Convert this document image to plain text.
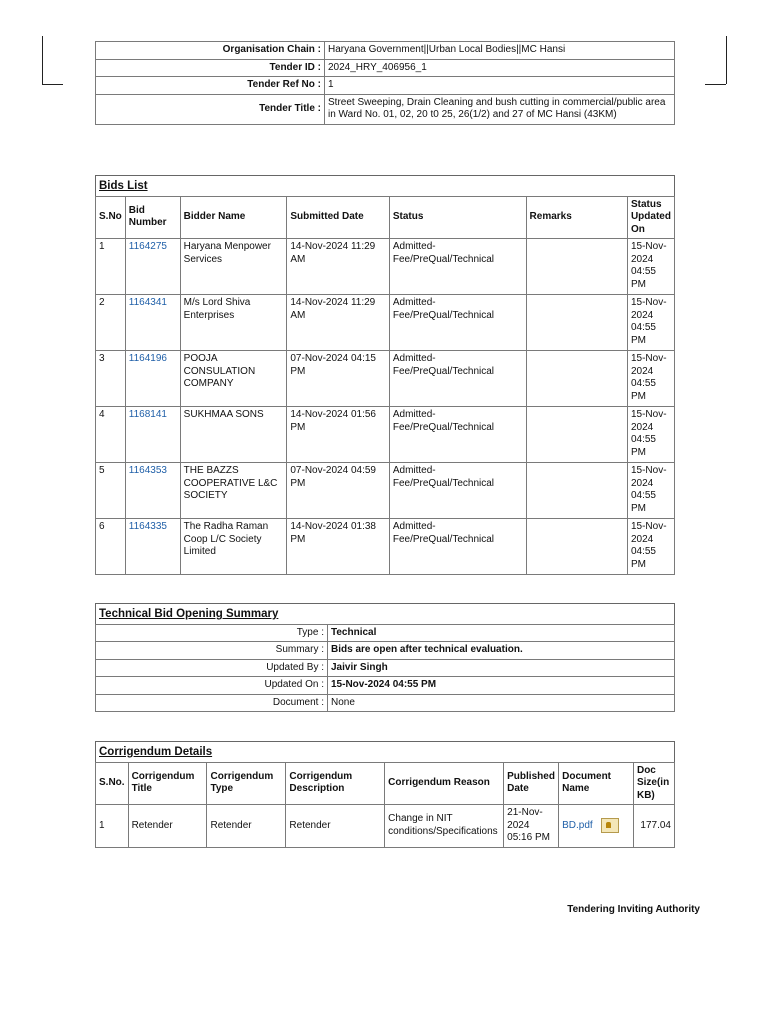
Organisation Chain :	Haryana Government||Urban Local Bodies||MC Hansi
Tender ID :	2024_HRY_406956_1
Tender Ref No :	1
Tender Title :	Street Sweeping, Drain Cleaning and bush cutting in commercial/public area in Ward No. 01, 02, 20 t0 25, 26(1/2) and 27 of MC Hansi (43KM)
Bids List						
S.No	Bid Number	Bidder Name	Submitted Date	Status	Remarks	Status Updated On
1	1164275	Haryana Menpower Services	14-Nov-2024 11:29 AM	Admitted-Fee/PreQual/Technical		15-Nov-2024 04:55 PM
2	1164341	M/s Lord Shiva Enterprises	14-Nov-2024 11:29 AM	Admitted-Fee/PreQual/Technical		15-Nov-2024 04:55 PM
3	1164196	POOJA CONSULATION COMPANY	07-Nov-2024 04:15 PM	Admitted-Fee/PreQual/Technical		15-Nov-2024 04:55 PM
4	1168141	SUKHMAA SONS	14-Nov-2024 01:56 PM	Admitted-Fee/PreQual/Technical		15-Nov-2024 04:55 PM
5	1164353	THE BAZZS COOPERATIVE L&C SOCIETY	07-Nov-2024 04:59 PM	Admitted-Fee/PreQual/Technical		15-Nov-2024 04:55 PM
6	1164335	The Radha Raman Coop L/C Society Limited	14-Nov-2024 01:38 PM	Admitted-Fee/PreQual/Technical		15-Nov-2024 04:55 PM
Technical Bid Opening Summary	
Type :	Technical
Summary :	Bids are open after technical evaluation.
Updated By :	Jaivir Singh
Updated On :	15-Nov-2024 04:55 PM
Document :	None
Corrigendum Details							
S.No.	Corrigendum Title	Corrigendum Type	Corrigendum Description	Corrigendum Reason	Published Date	Document Name	Doc Size(in KB)
1	Retender	Retender	Retender	Change in NIT conditions/Specifications	21-Nov-2024 05:16 PM	BD.pdf	177.04
Tendering Inviting Authority
